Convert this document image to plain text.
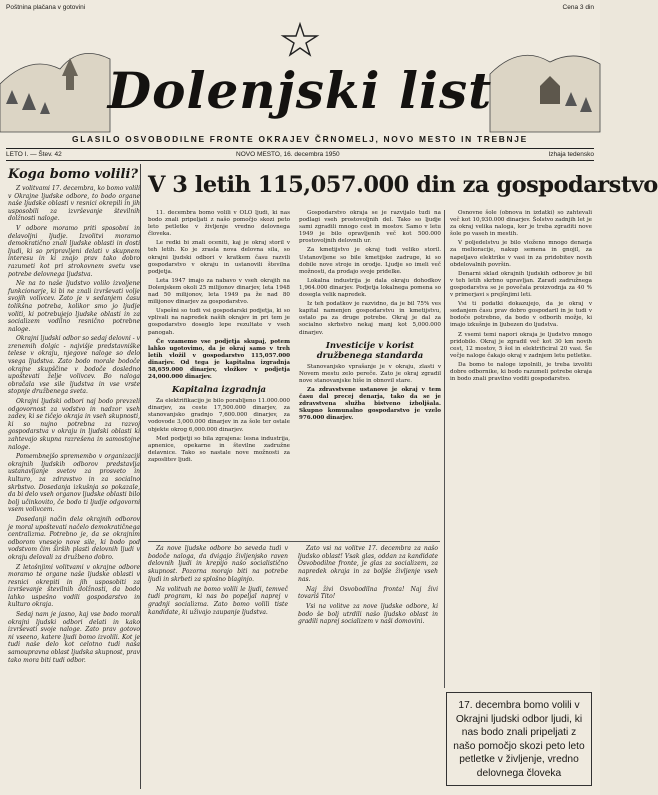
Poštnina plačana v gotovini	Cena 3 din
Dolenjski list
GLASILO OSVOBODILNE FRONTE OKRAJEV ČRNOMELJ, NOVO MESTO IN TREBNJE
LETO I. — Štev. 42	NOVO MESTO, 16. decembra 1950	Izhaja tedensko
Koga bomo volili?

Z volitvami 17. decembra, ko bomo volili v Okrajne ljudske odbore, to bodo organe naše ljudske oblasti v resnici okrepili in jih usposobili za izvrševanje številnih dolžnosti naloge.

V odbore moramo priti sposobni in delavoljni ljudje. Izvolitvi moramo demokratično znali ljudske oblasti in dosti ljudi, ki so pripravljeni delati v skupnem interesu in ki znajo prav tako dobro razumeti kot pri strokovnem svetu vse potrebe delovnega ljudstva.

Ne na to naše ljudstvo volilo izvoljene funkcionarje, ki bi ne znali izvrševati volje svojih volivcev. Zato je v sedanjem času tolikšna potreba, kolikor smo jo ljudje voliti, ki potrebujejo ljudske oblasti in za socializem vodilno resnično potrebne naloge.

Okrajni ljudski odbor so sedaj delovni - v zrenemih dolgic - najvišje predstavniške telese v okraju, njegove naloge so delo vsega ljudstva. Zato bodo morale bodoče okrajne skupščine v bodoče dosledno upoštevati želje volivcev. Bo naloga obračala vse sile ljudstva in vse vrste stopnje družbenega sveta.

Okrajni ljudski odbori naj bodo prevzeli odgovornost za vodstvo in nadzor vseh zadev, ki se tičejo okraja in vseh skupnosti, ki so nujno potrebna za razvoj gospodarstva v okraju in ljudski oblasti ki zahtevajo skupna razrešena in samostojne naloge.

Pomembnejšo spremembo v organizaciji okrajnih ljudskih odborov predstavlja ustanavljanje svetov za prosveto in kulturo, za zdravstvo in za socialno skrbstvo. Dosedanja izkušnja so pokazale, da bi delo vseh organov ljudske oblasti bilo bolj učinkovito, če bodo ti ljudje odgovorni vsem volivcem.

Dosedanji način dela okrajnih odborov je moral upoštevati načelo demokratičnega centralizma. Potrebno je, da se okrajnim odborom vnesejo nove sile, ki bodo pod vodstvom čim širših plasti delovnih ljudi v okraju delovali za družbeno dobro.

Z letošnjimi volitvami v okrajne odbore moramo te organe naše ljudske oblasti v resnici okrepiti in jih usposobiti za izvrševanje številnih dolžnosti, da bodo lahko uspešno vodili gospodarstvo in kulturo okraja.

Sedaj nam je jasno, kaj vse bodo morali okrajni ljudski odbori delati in kako izvrševati svoje naloge. Zato prav gotovo ni vseeno, katere ljudi bomo izvolili. Kot je tudi naše delo kot celotno tudi naša samoupravna oblast ljudska skupnost, prav tako mora biti tudi odbor.

V 3 letih 115,057.000 din za gospodarstvo

11. decembra bomo volili v OLO ljudi, ki nas bodo znali pripeljati z našo pomočjo skozi peto leto petletke v življenje vredno delovnega človeka.

Le redki bi znali oceniti, kaj je okraj storil v teh letih. Ko je zrasla nova delovna sila, so okrajni ljudski odbori v kratkem času razvili gospodarstvo v okraju in ustanovili številna podjetja.

Leta 1947 imajo za nabavo v vseh okrajih na Dolenjskem okoli 25 milijonov dinarjev, leta 1948 nad 50 milijonov, leta 1949 pa že nad 80 milijonov dinarjev za gospodarstvo.

Uspešni so tudi vsi gospodarski podjetja, ki so vplivali na napredek naših okrajev in pri tem je gospodarstvo doseglo lepe rezultate v vseh panogah.

Če vzamemo vse podjetja skupaj, potem lahko ugotovimo, da je okraj samo v treh letih vložil v gospodarstvo 115,057.000 dinarjev. Od tega je kapitalna izgradnja 58,659.000 dinarjev, vložkov v podjetja 24,000.000 dinarjev.

Kapitalna izgradnja

Za elektrifikacijo je bilo porabljeno 11.000.000 dinarjev, za ceste 17,500.000 dinarjev, za stanovanjsko gradnjo 7,600.000 dinarjev, za vodovode 3,000.000 dinarjev in za šole ter ostale objekte okrog 6,000.000 dinarjev.

Med podjetji so bila zgrajena: lesna industrija, apnenice, opekarne in številne zadružne delavnice. Tako so nastale nove možnosti za zaposlitev ljudi.

Gospodarstvo okraja se je razvijalo tudi na podlagi vseh prostovoljnih del. Tako so ljudje sami zgradili mnogo cest in mostov. Samo v letu 1949 je bilo opravljenih več kot 500.000 prostovoljnih delovnih ur.

Za kmetijstvo je okraj tudi veliko storil. Ustanovljene so bile kmetijske zadruge, ki so dobile nove stroje in orodje. Ljudje so imeli več možnosti, da prodajo svoje pridelke.

Lokalna industrija je dala okraju dohodkov 1,964.000 dinarjev. Podjetja lokalnega pomena so dosegla velik napredek.

Iz teh podatkov je razvidno, da je bil 75% ves kapital namenjen gospodarstvu in kmetijstvu, ostalo pa za druge potrebe. Okraj je dal za socialno skrbstvo nekaj manj kot 5,000.000 dinarjev.

Investicije v korist družbenega standarda

Stanovanjsko vprašanje je v okraju, zlasti v Novem mestu zelo pereče. Zato je okraj zgradil nove stanovanjske hiše in obnovil stare.

Za zdravstvene ustanove je okraj v tem času dal precej denarja, tako da se je zdravstvena služba bistveno izboljšala. Skupno komunalno gospodarstvo je vzelo 976.000 dinarjev.

Osnovne šole (obnova in izdatki) so zahtevali več kot 10,930.000 dinarjev. Šolstvo zadnjih let je za okraj velika naloga, ker je treba zgraditi nove šole po vaseh in mestih.

V poljedelstvu je bilo vloženo mnogo denarja za melioracije, nakup semena in gnojil, za napeljavo elektrike v vasi in za pridobitev novih obdelovalnih površin.

Denarni sklad okrajnih ljudskih odborov je bil v teh letih skrbno upravljan. Zaradi zadružnega gospodarstva se je povečala proizvodnja za 40 % v primerjavi s prejšnjimi leti.

Vsi ti podatki dokazujejo, da je okraj v sedanjem času prav dobro gospodaril in je tudi v bodoče potrebno, da bodo v odborih možje, ki imajo izkušnje in ljubezen do ljudstva.

Z vsemi temi napori okraja je ljudstvo mnogo pridobilo. Okraj je zgradil več kot 30 km novih cest, 12 mostov, 5 šol in elektrificiral 20 vasi. Še večje naloge čakajo okraj v zadnjem letu petletke.

Da bomo te naloge izpolnili, je treba izvoliti dobre odbornike, ki bodo razumeli potrebe okraja in bodo znali pravilno voditi gospodarstvo.

Za nove ljudske odbore bo seveda tudi v bodoče naloga, da dvigajo življenjsko raven delovnih ljudi in krepijo našo socialistično skupnost. Pozorna morajo biti na potrebe ljudi in skrbeti za splošno blaginjo.

Na volitvah ne bomo volili le ljudi, temveč tudi program, ki nas bo popeljal naprej v gradnji socializma. Zato bomo volili tiste kandidate, ki uživajo zaupanje ljudstva.

Zato vsi na volitve 17. decembra za našo ljudsko oblast! Vsak glas, oddan za kandidate Osvobodilne fronte, je glas za socializem, za napredek okraja in za boljše življenje vseh nas.

Naj živi Osvobodilna fronta! Naj živi tovariš Tito!

Vsi na volitve za nove ljudske odbore, ki bodo še bolj utrdili našo ljudsko oblast in gradili naprej socializem v naši domovini.

17. decembra bomo volili v Okrajni ljudski odbor ljudi, ki nas bodo znali pripeljati z našo pomočjo skozi peto leto petletke v življenje, vredno delovnega človeka
